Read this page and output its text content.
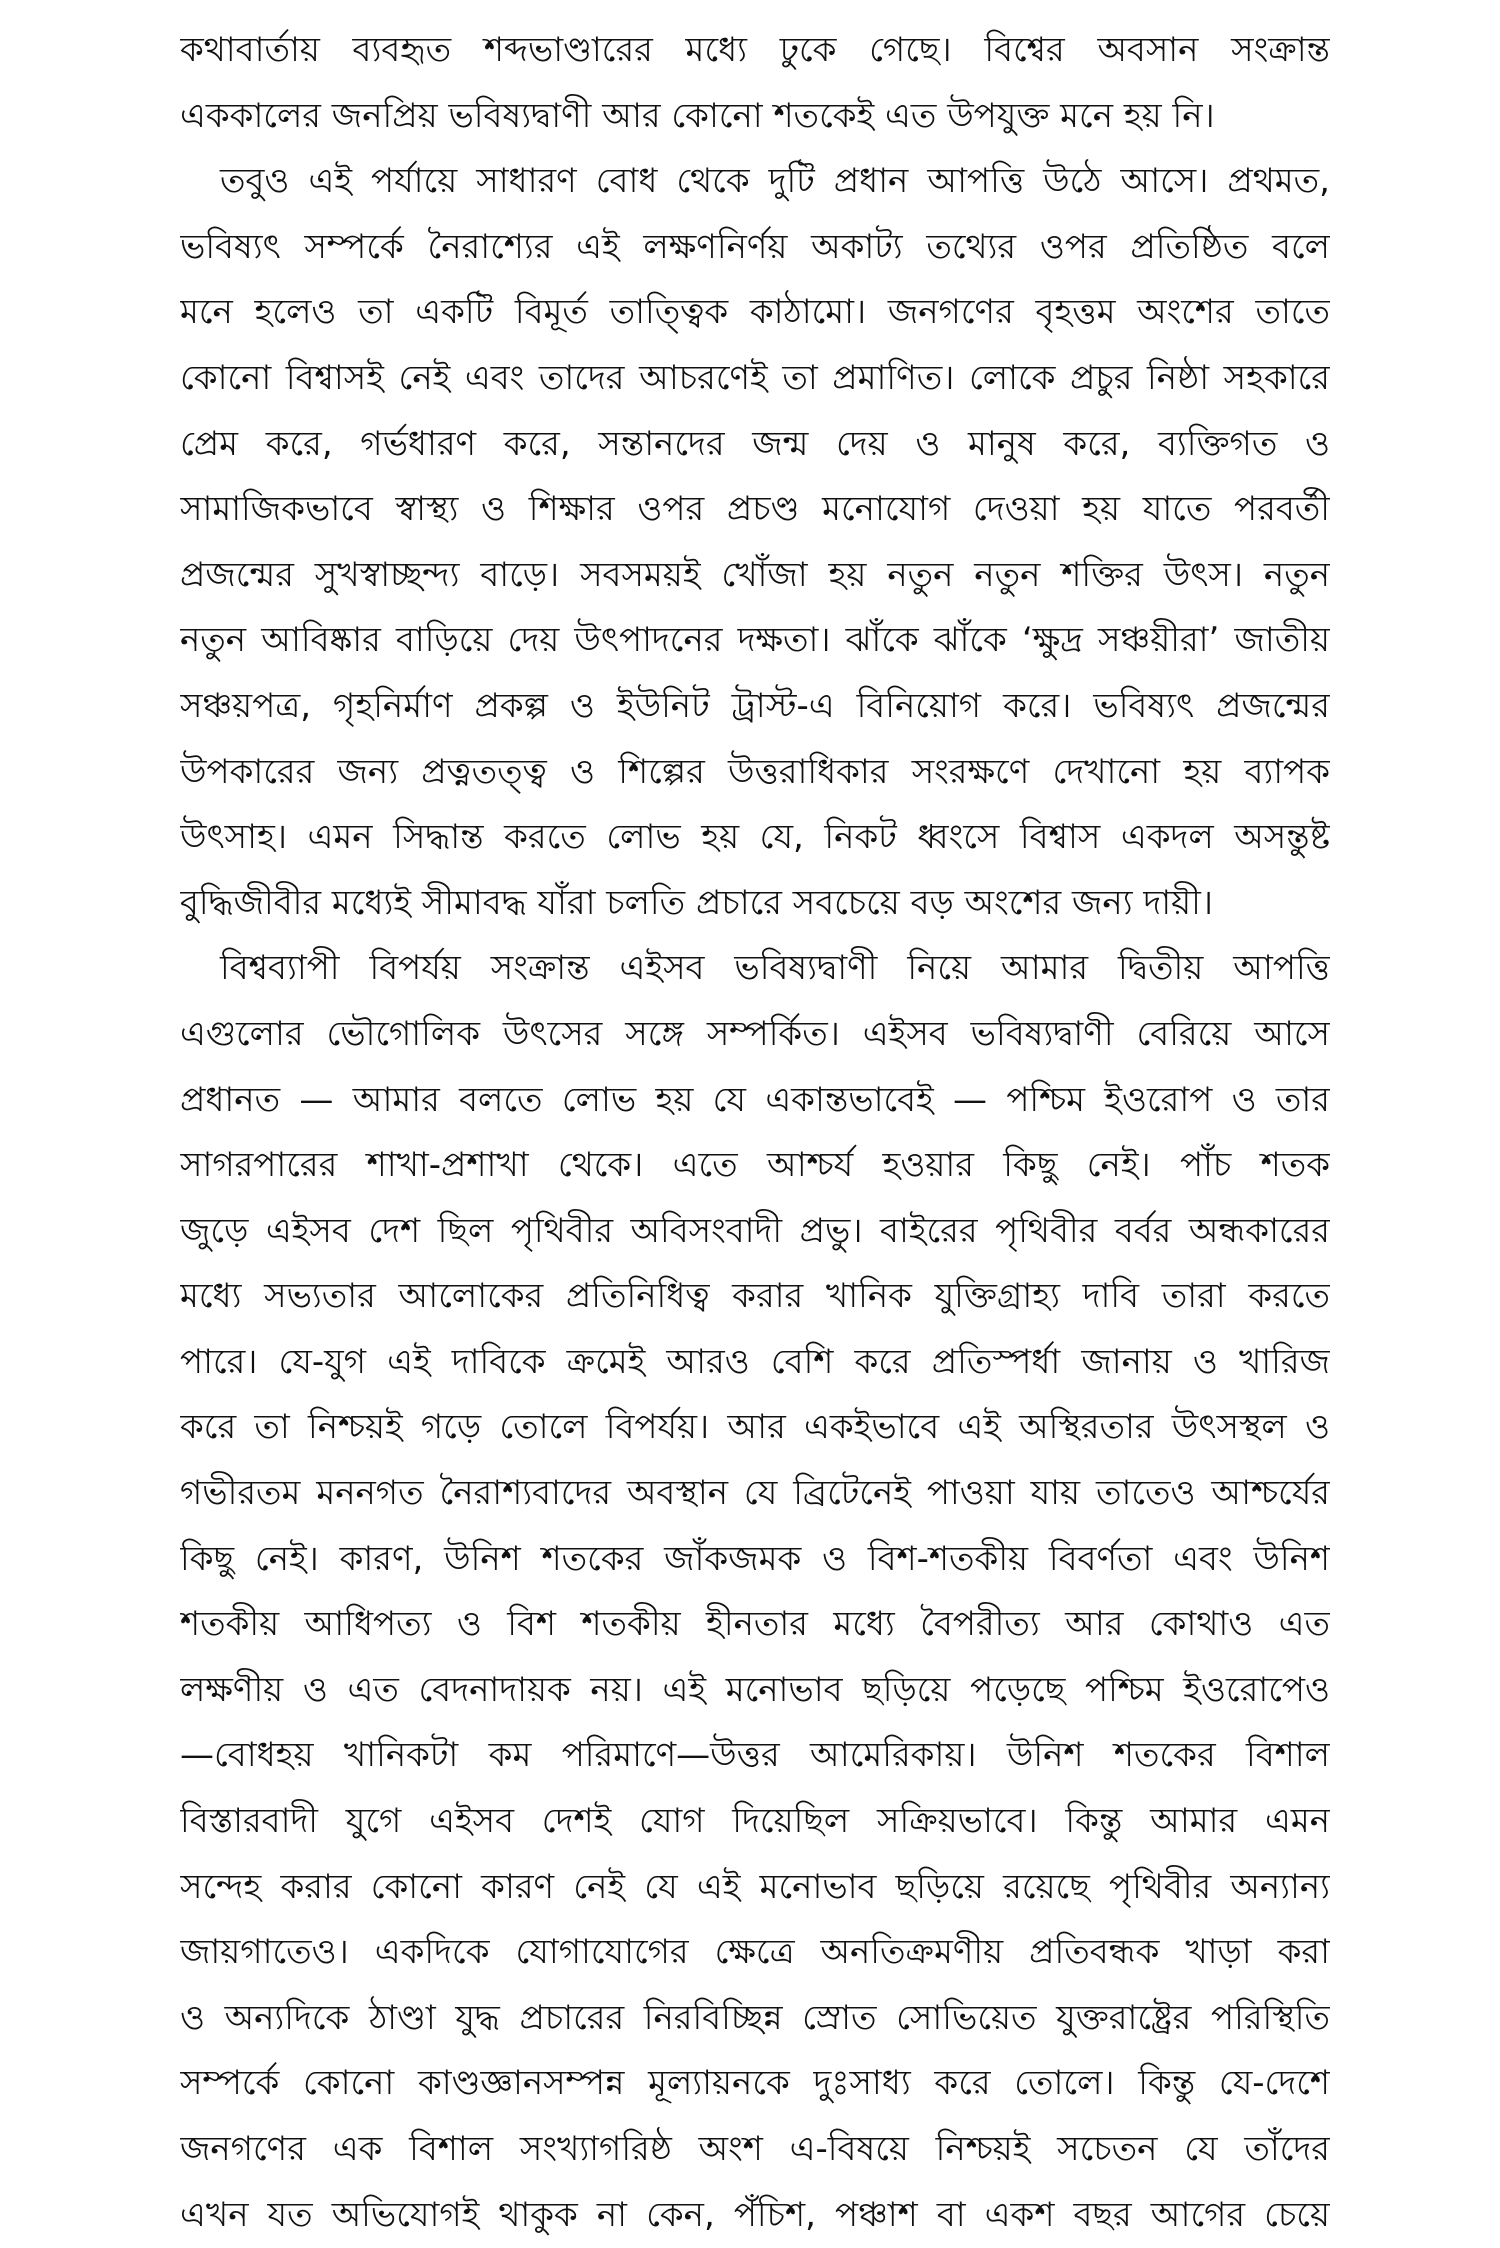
কথাবার্তায় ব্যবহৃত শব্দভাণ্ডারের মধ্যে ঢুকে গেছে। বিশ্বের অবসান সংক্রান্ত
এককালের জনপ্রিয় ভবিষ্যদ্বাণী আর কোনো শতকেই এত উপযুক্ত মনে হয় নি।
তবুও এই পর্যায়ে সাধারণ বোধ থেকে দুটি প্রধান আপত্তি উঠে আসে। প্রথমত,
ভবিষ্যৎ সম্পর্কে নৈরাশ্যের এই লক্ষণনির্ণয় অকাট্য তথ্যের ওপর প্রতিষ্ঠিত বলে
মনে হলেও তা একটি বিমূর্ত তাত্ত্বিক কাঠামো। জনগণের বৃহত্তম অংশের তাতে
কোনো বিশ্বাসই নেই এবং তাদের আচরণেই তা প্রমাণিত। লোকে প্রচুর নিষ্ঠা সহকারে
প্রেম করে, গর্ভধারণ করে, সন্তানদের জন্ম দেয় ও মানুষ করে, ব্যক্তিগত ও
সামাজিকভাবে স্বাস্থ্য ও শিক্ষার ওপর প্রচণ্ড মনোযোগ দেওয়া হয় যাতে পরবর্তী
প্রজন্মের সুখস্বাচ্ছন্দ্য বাড়ে। সবসময়ই খোঁজা হয় নতুন নতুন শক্তির উৎস। নতুন
নতুন আবিষ্কার বাড়িয়ে দেয় উৎপাদনের দক্ষতা। ঝাঁকে ঝাঁকে ‘ক্ষুদ্র সঞ্চয়ীরা’ জাতীয়
সঞ্চয়পত্র, গৃহনির্মাণ প্রকল্প ও ইউনিট ট্রাস্ট-এ বিনিয়োগ করে। ভবিষ্যৎ প্রজন্মের
উপকারের জন্য প্রত্নতত্ত্ব ও শিল্পের উত্তরাধিকার সংরক্ষণে দেখানো হয় ব্যাপক
উৎসাহ। এমন সিদ্ধান্ত করতে লোভ হয় যে, নিকট ধ্বংসে বিশ্বাস একদল অসন্তুষ্ট
বুদ্ধিজীবীর মধ্যেই সীমাবদ্ধ যাঁরা চলতি প্রচারে সবচেয়ে বড় অংশের জন্য দায়ী।
বিশ্বব্যাপী বিপর্যয় সংক্রান্ত এইসব ভবিষ্যদ্বাণী নিয়ে আমার দ্বিতীয় আপত্তি
এগুলোর ভৌগোলিক উৎসের সঙ্গে সম্পর্কিত। এইসব ভবিষ্যদ্বাণী বেরিয়ে আসে
প্রধানত — আমার বলতে লোভ হয় যে একান্তভাবেই — পশ্চিম ইওরোপ ও তার
সাগরপারের শাখা-প্রশাখা থেকে। এতে আশ্চর্য হওয়ার কিছু নেই। পাঁচ শতক
জুড়ে এইসব দেশ ছিল পৃথিবীর অবিসংবাদী প্রভু। বাইরের পৃথিবীর বর্বর অন্ধকারের
মধ্যে সভ্যতার আলোকের প্রতিনিধিত্ব করার খানিক যুক্তিগ্রাহ্য দাবি তারা করতে
পারে। যে-যুগ এই দাবিকে ক্রমেই আরও বেশি করে প্রতিস্পর্ধা জানায় ও খারিজ
করে তা নিশ্চয়ই গড়ে তোলে বিপর্যয়। আর একইভাবে এই অস্থিরতার উৎসস্থল ও
গভীরতম মননগত নৈরাশ্যবাদের অবস্থান যে ব্রিটেনেই পাওয়া যায় তাতেও আশ্চর্যের
কিছু নেই। কারণ, উনিশ শতকের জাঁকজমক ও বিশ-শতকীয় বিবর্ণতা এবং উনিশ
শতকীয় আধিপত্য ও বিশ শতকীয় হীনতার মধ্যে বৈপরীত্য আর কোথাও এত
লক্ষণীয় ও এত বেদনাদায়ক নয়। এই মনোভাব ছড়িয়ে পড়েছে পশ্চিম ইওরোপেও
—বোধহয় খানিকটা কম পরিমাণে—উত্তর আমেরিকায়। উনিশ শতকের বিশাল
বিস্তারবাদী যুগে এইসব দেশই যোগ দিয়েছিল সক্রিয়ভাবে। কিন্তু আমার এমন
সন্দেহ করার কোনো কারণ নেই যে এই মনোভাব ছড়িয়ে রয়েছে পৃথিবীর অন্যান্য
জায়গাতেও। একদিকে যোগাযোগের ক্ষেত্রে অনতিক্রমণীয় প্রতিবন্ধক খাড়া করা
ও অন্যদিকে ঠাণ্ডা যুদ্ধ প্রচারের নিরবিচ্ছিন্ন স্রোত সোভিয়েত যুক্তরাষ্ট্রের পরিস্থিতি
সম্পর্কে কোনো কাণ্ডজ্ঞানসম্পন্ন মূল্যায়নকে দুঃসাধ্য করে তোলে। কিন্তু যে-দেশে
জনগণের এক বিশাল সংখ্যাগরিষ্ঠ অংশ এ-বিষয়ে নিশ্চয়ই সচেতন যে তাঁদের
এখন যত অভিযোগই থাকুক না কেন, পঁচিশ, পঞ্চাশ বা একশ বছর আগের চেয়ে
